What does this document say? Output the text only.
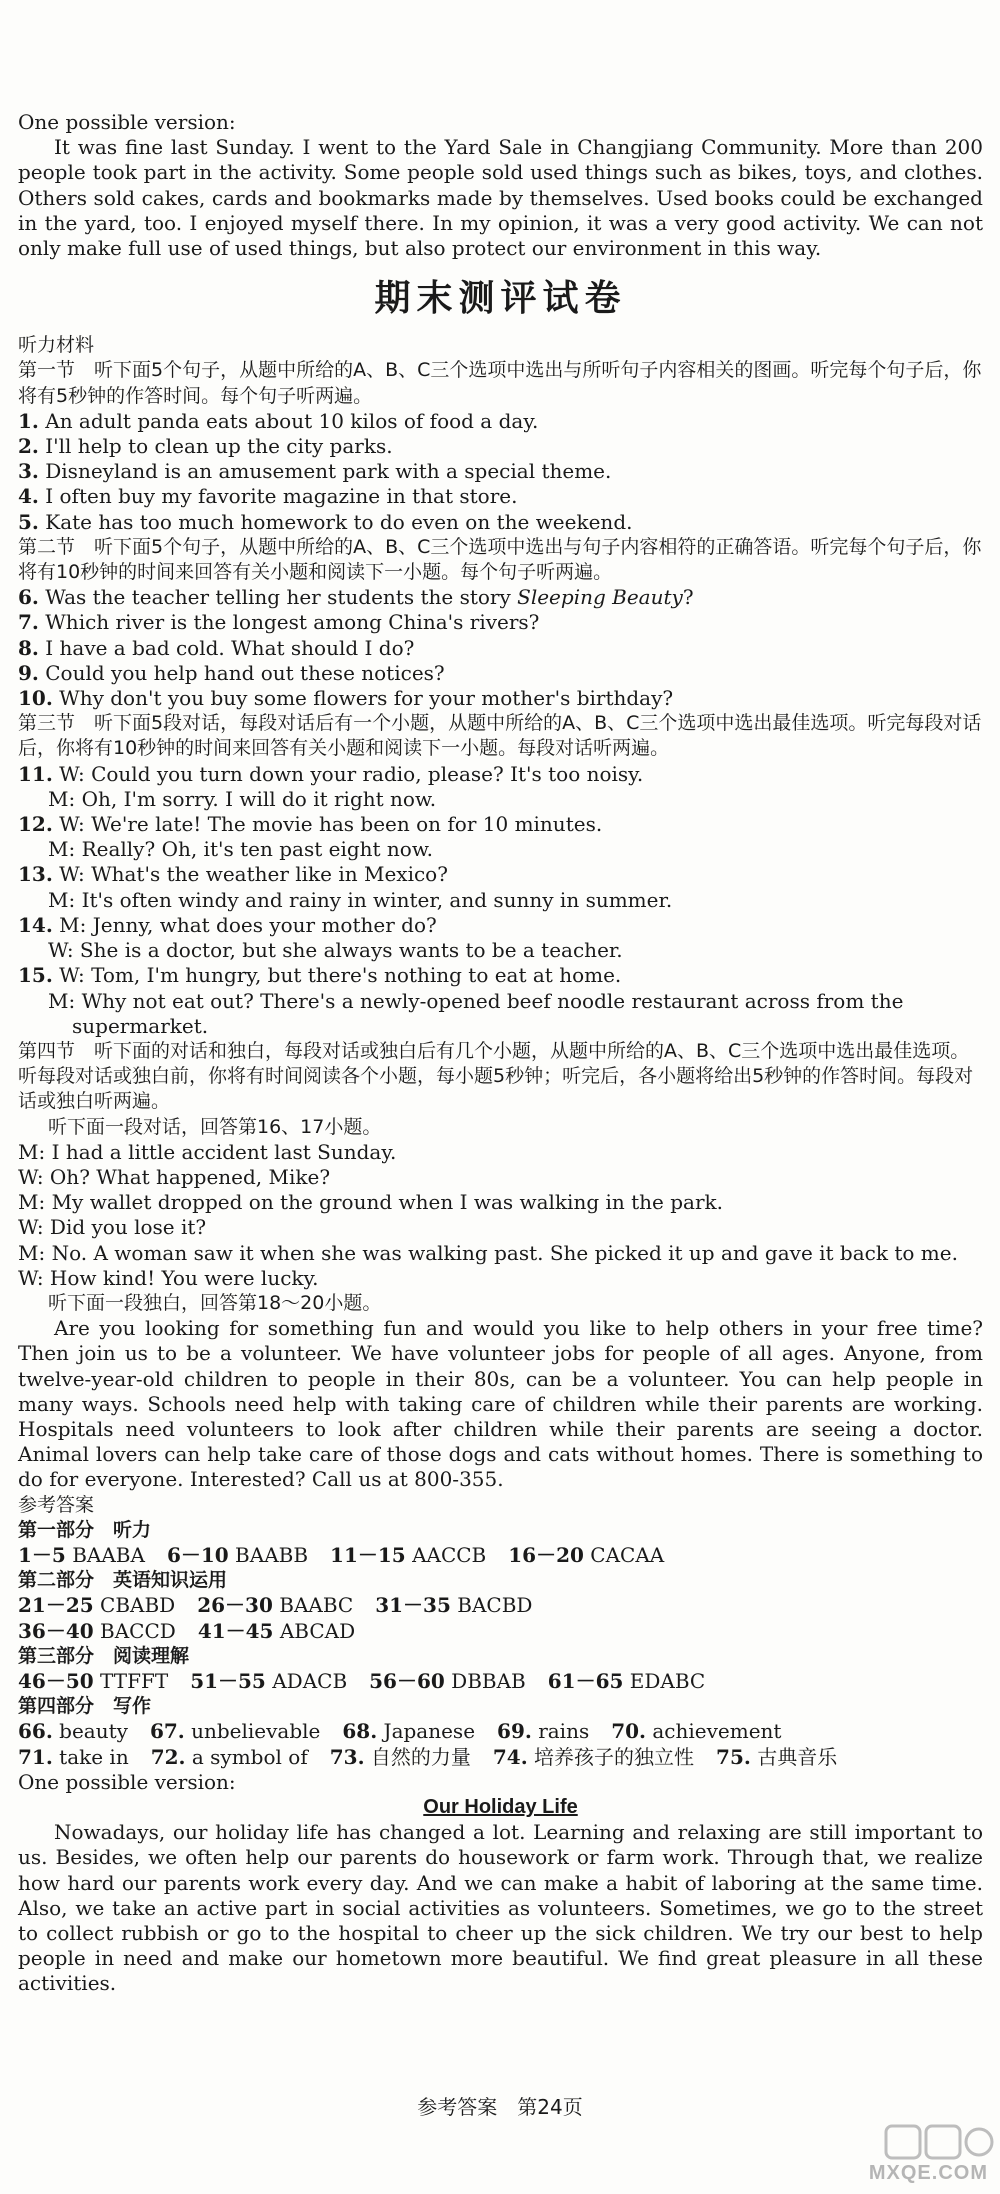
One possible version:

It was fine last Sunday. I went to the Yard Sale in Changjiang Community. More than 200 people took part in the activity. Some people sold used things such as bikes, toys, and clothes. Others sold cakes, cards and bookmarks made by themselves. Used books could be exchanged in the yard, too. I enjoyed myself there. In my opinion, it was a very good activity. We can not only make full use of used things, but also protect our environment in this way.

期末测评试卷

听力材料

第一节　听下面5个句子，从题中所给的A、B、C三个选项中选出与所听句子内容相关的图画。听完每个句子后，你将有5秒钟的作答时间。每个句子听两遍。

1. An adult panda eats about 10 kilos of food a day.

2. I'll help to clean up the city parks.

3. Disneyland is an amusement park with a special theme.

4. I often buy my favorite magazine in that store.

5. Kate has too much homework to do even on the weekend.

第二节　听下面5个句子，从题中所给的A、B、C三个选项中选出与句子内容相符的正确答语。听完每个句子后，你将有10秒钟的时间来回答有关小题和阅读下一小题。每个句子听两遍。

6. Was the teacher telling her students the story Sleeping Beauty?

7. Which river is the longest among China's rivers?

8. I have a bad cold. What should I do?

9. Could you help hand out these notices?

10. Why don't you buy some flowers for your mother's birthday?

第三节　听下面5段对话，每段对话后有一个小题，从题中所给的A、B、C三个选项中选出最佳选项。听完每段对话后，你将有10秒钟的时间来回答有关小题和阅读下一小题。每段对话听两遍。

11. W: Could you turn down your radio, please? It's too noisy.

M: Oh, I'm sorry. I will do it right now.

12. W: We're late! The movie has been on for 10 minutes.

M: Really? Oh, it's ten past eight now.

13. W: What's the weather like in Mexico?

M: It's often windy and rainy in winter, and sunny in summer.

14. M: Jenny, what does your mother do?

W: She is a doctor, but she always wants to be a teacher.

15. W: Tom, I'm hungry, but there's nothing to eat at home.

M: Why not eat out? There's a newly-opened beef noodle restaurant across from the supermarket.

第四节　听下面的对话和独白，每段对话或独白后有几个小题，从题中所给的A、B、C三个选项中选出最佳选项。听每段对话或独白前，你将有时间阅读各个小题，每小题5秒钟；听完后，各小题将给出5秒钟的作答时间。每段对话或独白听两遍。

听下面一段对话，回答第16、17小题。

M: I had a little accident last Sunday.

W: Oh? What happened, Mike?

M: My wallet dropped on the ground when I was walking in the park.

W: Did you lose it?

M: No. A woman saw it when she was walking past. She picked it up and gave it back to me.

W: How kind! You were lucky.

听下面一段独白，回答第18～20小题。

Are you looking for something fun and would you like to help others in your free time? Then join us to be a volunteer. We have volunteer jobs for people of all ages. Anyone, from twelve-year-old children to people in their 80s, can be a volunteer. You can help people in many ways. Schools need help with taking care of children while their parents are working. Hospitals need volunteers to look after children while their parents are seeing a doctor. Animal lovers can help take care of those dogs and cats without homes. There is something to do for everyone. Interested? Call us at 800-355.

参考答案

第一部分　听力

1－5 BAABA 6－10 BAABB 11－15 AACCB 16－20 CACAA

第二部分　英语知识运用

21－25 CBABD 26－30 BAABC 31－35 BACBD

36－40 BACCD 41－45 ABCAD

第三部分　阅读理解

46－50 TTFFT 51－55 ADACB 56－60 DBBAB 61－65 EDABC

第四部分　写作

66. beauty 67. unbelievable 68. Japanese 69. rains 70. achievement

71. take in 72. a symbol of 73. 自然的力量 74. 培养孩子的独立性 75. 古典音乐

One possible version:

Our Holiday Life

Nowadays, our holiday life has changed a lot. Learning and relaxing are still important to us. Besides, we often help our parents do housework or farm work. Through that, we realize how hard our parents work every day. And we can make a habit of laboring at the same time. Also, we take an active part in social activities as volunteers. Sometimes, we go to the street to collect rubbish or go to the hospital to cheer up the sick children. We try our best to help people in need and make our hometown more beautiful. We find great pleasure in all these activities.

参考答案　第24页
MXQE.COM
